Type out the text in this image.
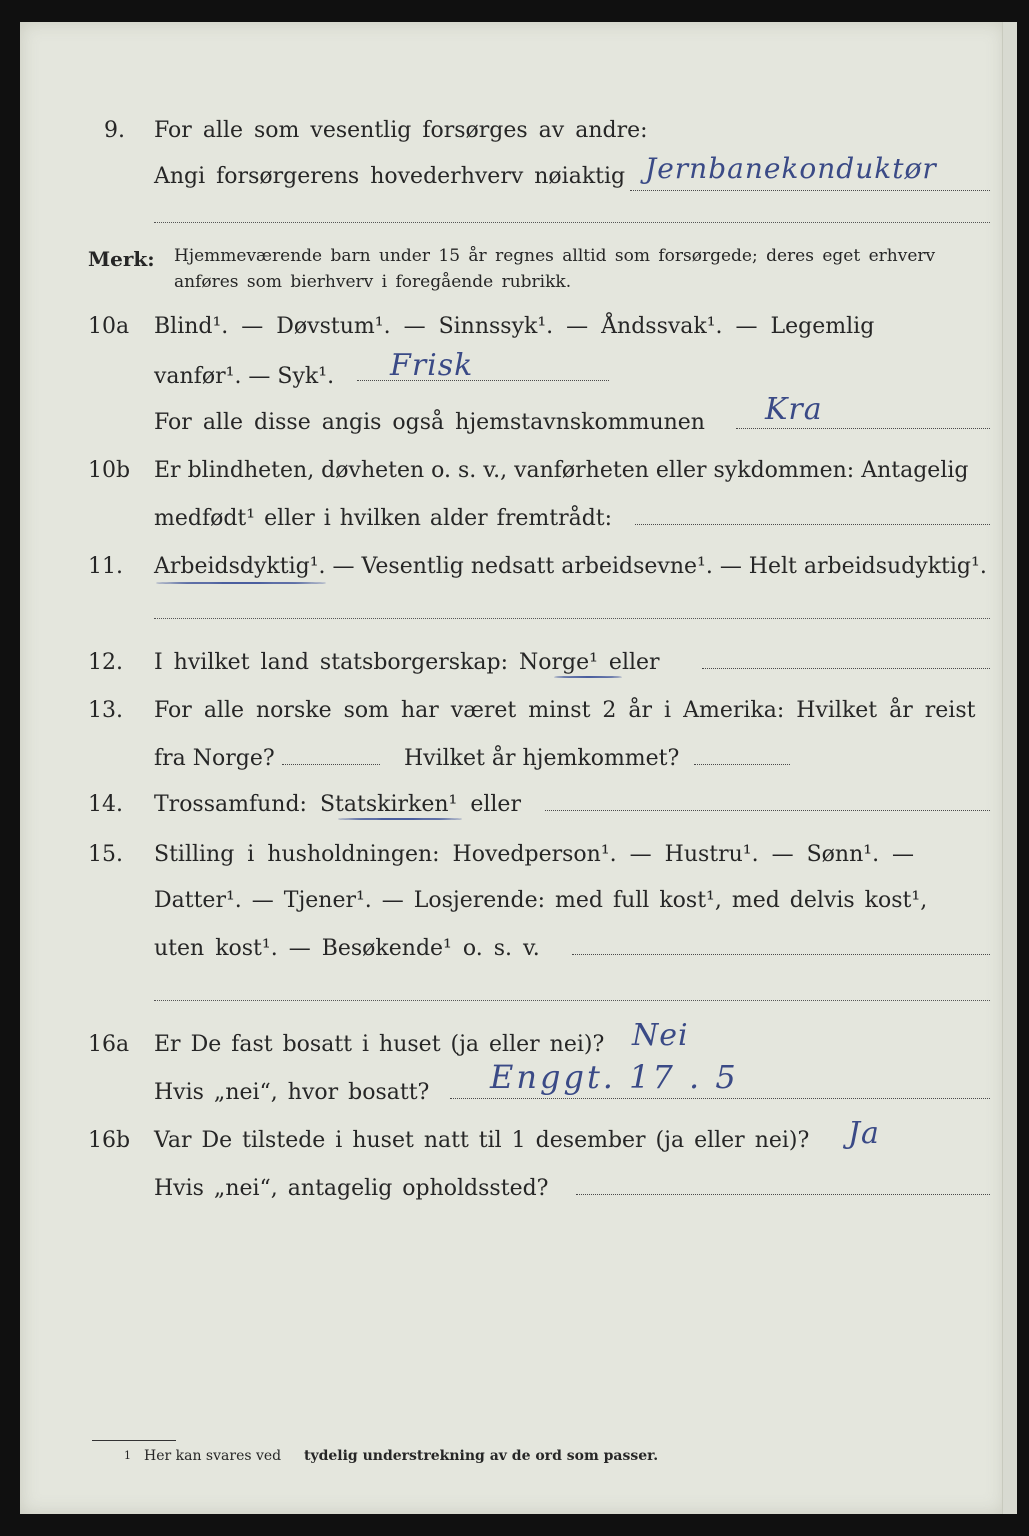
9. For alle som vesentlig forsørges av andre:
Angi forsørgerens hovederhverv nøiaktig Jernbanekonduktør
Merk: Hjemmeværende barn under 15 år regnes alltid som forsørgede; deres eget erhverv
anføres som bierhverv i foregående rubrikk.
10a Blind¹. — Døvstum¹. — Sinnssyk¹. — Åndssvak¹. — Legemlig
vanfør¹. — Syk¹. Frisk
For alle disse angis også hjemstavnskommunen Kra
10b Er blindheten, døvheten o. s. v., vanførheten eller sykdommen: Antagelig
medfødt¹ eller i hvilken alder fremtrådt:
11. Arbeidsdyktig¹. — Vesentlig nedsatt arbeidsevne¹. — Helt arbeidsudyktig¹.
12. I hvilket land statsborgerskap: Norge¹ eller
13. For alle norske som har været minst 2 år i Amerika: Hvilket år reist
fra Norge?	Hvilket år hjemkommet?
14. Trossamfund: Statskirken¹ eller
15. Stilling i husholdningen: Hovedperson¹. — Hustru¹. — Sønn¹. —
Datter¹. — Tjener¹. — Losjerende: med full kost¹, med delvis kost¹,
uten kost¹. — Besøkende¹ o. s. v.
16a Er De fast bosatt i huset (ja eller nei)? Nei
Hvis „nei“, hvor bosatt? Enggt. 17 . 5
16b Var De tilstede i huset natt til 1 desember (ja eller nei)? Ja
Hvis „nei“, antagelig opholdssted?
1 Her kan svares ved tydelig understrekning av de ord som passer.
